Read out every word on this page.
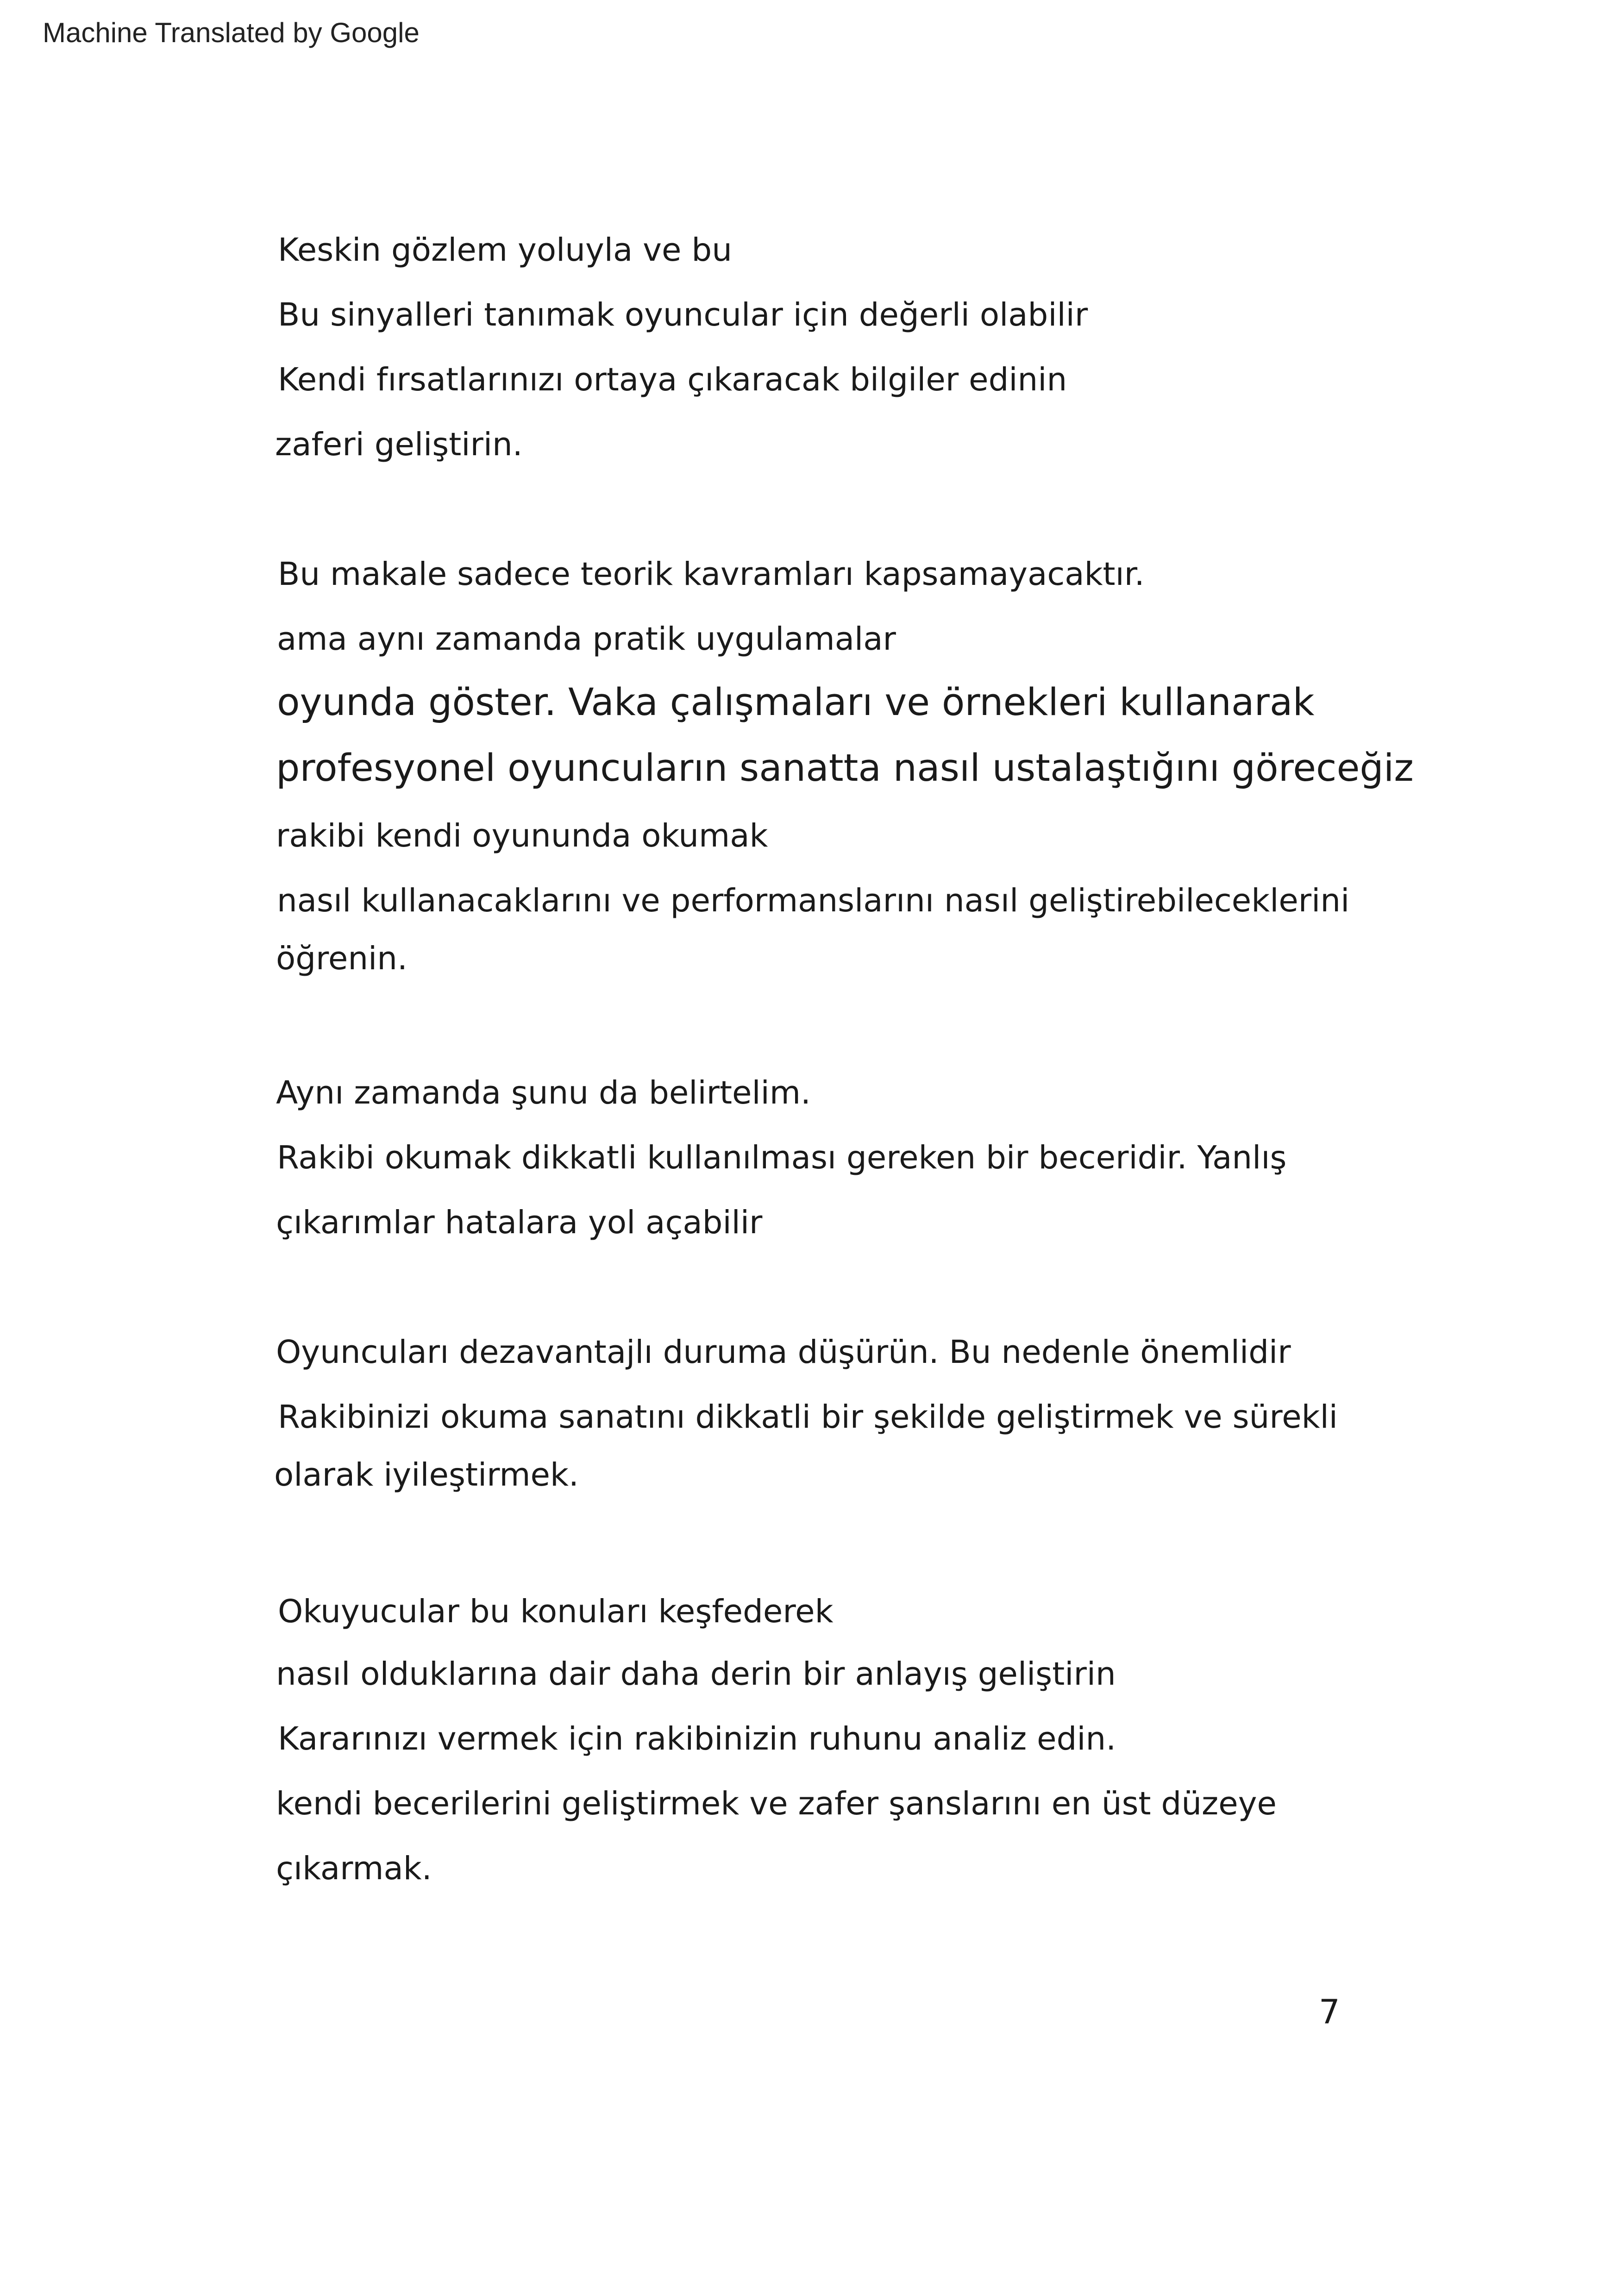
Machine Translated by Google
Keskin gözlem yoluyla ve bu
Bu sinyalleri tanımak oyuncular için değerli olabilir
Kendi fırsatlarınızı ortaya çıkaracak bilgiler edinin
zaferi geliştirin.
Bu makale sadece teorik kavramları kapsamayacaktır.
ama aynı zamanda pratik uygulamalar
oyunda göster. Vaka çalışmaları ve örnekleri kullanarak
profesyonel oyuncuların sanatta nasıl ustalaştığını göreceğiz
rakibi kendi oyununda okumak
nasıl kullanacaklarını ve performanslarını nasıl geliştirebileceklerini
öğrenin.
Aynı zamanda şunu da belirtelim.
Rakibi okumak dikkatli kullanılması gereken bir beceridir. Yanlış
çıkarımlar hatalara yol açabilir
Oyuncuları dezavantajlı duruma düşürün. Bu nedenle önemlidir
Rakibinizi okuma sanatını dikkatli bir şekilde geliştirmek ve sürekli
olarak iyileştirmek.
Okuyucular bu konuları keşfederek
nasıl olduklarına dair daha derin bir anlayış geliştirin
Kararınızı vermek için rakibinizin ruhunu analiz edin.
kendi becerilerini geliştirmek ve zafer şanslarını en üst düzeye
çıkarmak.
7
